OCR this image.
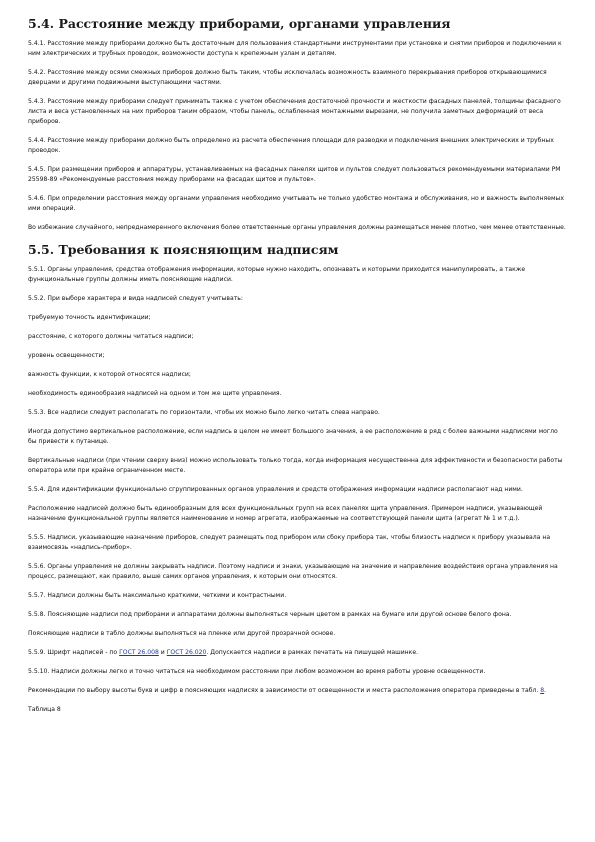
5.4. Расстояние между приборами, органами управления

5.4.1. Расстояние между приборами должно быть достаточным для пользования стандартными инструментами при установке и снятии приборов и подключении к ним электрических и трубных проводок, возможности доступа к крепежным узлам и деталям.

5.4.2. Расстояние между осями смежных приборов должно быть таким, чтобы исключалась возможность взаимного перекрывания приборов открывающимися дверцами и другими подвижными выступающими частями.

5.4.3. Расстояние между приборами следует принимать также с учетом обеспечения достаточной прочности и жесткости фасадных панелей, толщины фасадного листа и веса установленных на них приборов таким образом, чтобы панель, ослабленная монтажными вырезами, не получила заметных деформаций от веса приборов.

5.4.4. Расстояние между приборами должно быть определено из расчета обеспечения площади для разводки и подключения внешних электрических и трубных проводок.

5.4.5. При размещении приборов и аппаратуры, устанавливаемых на фасадных панелях щитов и пультов следует пользоваться рекомендуемыми материалами РМ 25598-89 «Рекомендуемые расстояния между приборами на фасадах щитов и пультов».

5.4.6. При определении расстояния между органами управления необходимо учитывать не только удобство монтажа и обслуживания, но и важность выполняемых ими операций.

Во избежание случайного, непреднамеренного включения более ответственные органы управления должны размещаться менее плотно, чем менее ответственные.

5.5. Требования к поясняющим надписям

5.5.1. Органы управления, средства отображения информации, которые нужно находить, опознавать и которыми приходится манипулировать, а также функциональные группы должны иметь поясняющие надписи.

5.5.2. При выборе характера и вида надписей следует учитывать:

требуемую точность идентификации;

расстояние, с которого должны читаться надписи;

уровень освещенности;

важность функции, к которой относятся надписи;

необходимость единообразия надписей на одном и том же щите управления.

5.5.3. Все надписи следует располагать по горизонтали, чтобы их можно было легко читать слева направо.

Иногда допустимо вертикальное расположение, если надпись в целом не имеет большого значения, а ее расположение в ряд с более важными надписями могло бы привести к путанице.

Вертикальные надписи (при чтении сверху вниз) можно использовать только тогда, когда информация несущественна для эффективности и безопасности работы оператора или при крайне ограниченном месте.

5.5.4. Для идентификации функционально сгруппированных органов управления и средств отображения информации надписи располагают над ними.

Расположение надписей должно быть единообразным для всех функциональных групп на всех панелях щита управления. Примером надписи, указывающей назначение функциональной группы является наименование и номер агрегата, изображаемые на соответствующей панели щита (агрегат № 1 и т.д.).

5.5.5. Надписи, указывающие назначение приборов, следует размещать под прибором или сбоку прибора так, чтобы близость надписи к прибору указывала на взаимосвязь «надпись-прибор».

5.5.6. Органы управления не должны закрывать надписи. Поэтому надписи и знаки, указывающие на значение и направление воздействия органа управления на процесс, размещают, как правило, выше самих органов управления, к которым они относятся.

5.5.7. Надписи должны быть максимально краткими, четкими и контрастными.

5.5.8. Поясняющие надписи под приборами и аппаратами должны выполняться черным цветом в рамках на бумаге или другой основе белого фона.

Поясняющие надписи в табло должны выполняться на пленке или другой прозрачной основе.

5.5.9. Шрифт надписей - по ГОСТ 26.008 и ГОСТ 26.020. Допускается надписи в рамках печатать на пишущей машинке.

5.5.10. Надписи должны легко и точно читаться на необходимом расстоянии при любом возможном во время работы уровне освещенности.

Рекомендации по выбору высоты букв и цифр в поясняющих надписях в зависимости от освещенности и места расположения оператора приведены в табл. 8.

Таблица 8
